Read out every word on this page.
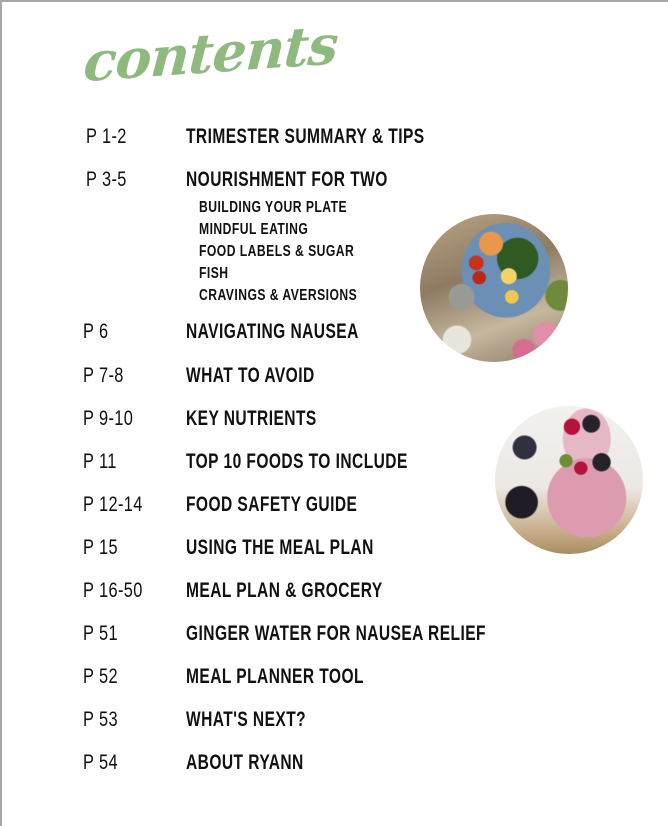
contents
P 1-2	TRIMESTER SUMMARY & TIPS
P 3-5	NOURISHMENT FOR TWO
BUILDING YOUR PLATE
MINDFUL EATING
FOOD LABELS & SUGAR
FISH
CRAVINGS & AVERSIONS
P 6	NAVIGATING NAUSEA
P 7-8	WHAT TO AVOID
P 9-10	KEY NUTRIENTS
P 11	TOP 10 FOODS TO INCLUDE
P 12-14 FOOD SAFETY GUIDE
P 15	USING THE MEAL PLAN
P 16-50 MEAL PLAN & GROCERY
P 51	GINGER WATER FOR NAUSEA RELIEF
P 52	MEAL PLANNER TOOL
P 53	WHAT'S NEXT?
P 54	ABOUT RYANN
